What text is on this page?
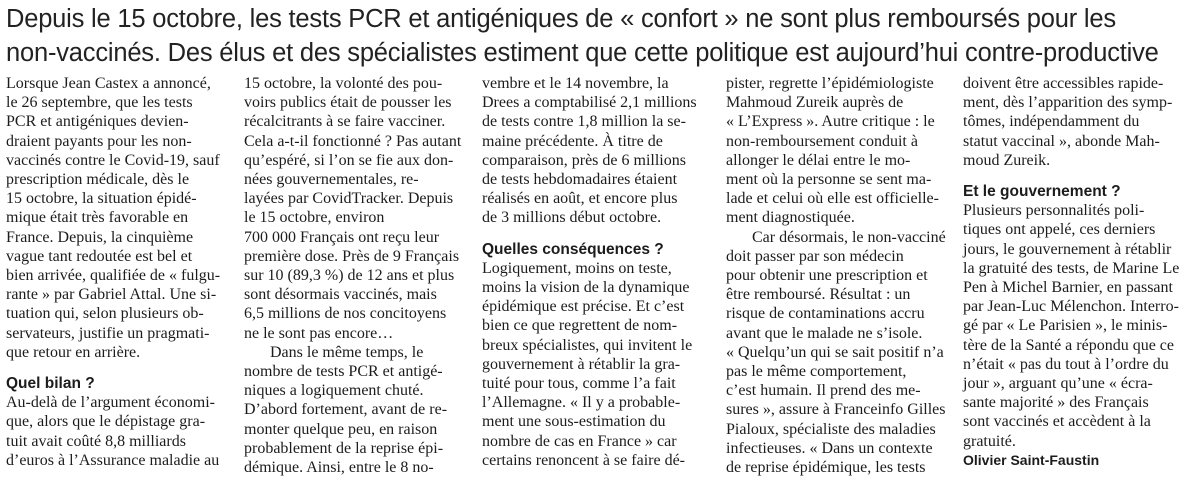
Depuis le 15 octobre, les tests PCR et antigéniques de « confort » ne sont plus remboursés pour les
non-vaccinés. Des élus et des spécialistes estiment que cette politique est aujourd’hui contre-productive

Lorsque Jean Castex a annoncé,
le 26 septembre, que les tests
PCR et antigéniques devien-
draient payants pour les non-
vaccinés contre le Covid-19, sauf
prescription médicale, dès le
15 octobre, la situation épidé-
mique était très favorable en
France. Depuis, la cinquième
vague tant redoutée est bel et
bien arrivée, qualifiée de « fulgu-
rante » par Gabriel Attal. Une si-
tuation qui, selon plusieurs ob-
servateurs, justifie un pragmati-
que retour en arrière.

Quel bilan ?

Au-delà de l’argument économi-
que, alors que le dépistage gra-
tuit avait coûté 8,8 milliards
d’euros à l’Assurance maladie au

15 octobre, la volonté des pou-
voirs publics était de pousser les
récalcitrants à se faire vacciner.
Cela a-t-il fonctionné ? Pas autant
qu’espéré, si l’on se fie aux don-
nées gouvernementales, re-
layées par CovidTracker. Depuis
le 15 octobre, environ
700 000 Français ont reçu leur
première dose. Près de 9 Français
sur 10 (89,3 %) de 12 ans et plus
sont désormais vaccinés, mais
6,5 millions de nos concitoyens
ne le sont pas encore…

Dans le même temps, le
nombre de tests PCR et antigé-
niques a logiquement chuté.
D’abord fortement, avant de re-
monter quelque peu, en raison
probablement de la reprise épi-
démique. Ainsi, entre le 8 no-

vembre et le 14 novembre, la
Drees a comptabilisé 2,1 millions
de tests contre 1,8 million la se-
maine précédente. À titre de
comparaison, près de 6 millions
de tests hebdomadaires étaient
réalisés en août, et encore plus
de 3 millions début octobre.

Quelles conséquences ?

Logiquement, moins on teste,
moins la vision de la dynamique
épidémique est précise. Et c’est
bien ce que regrettent de nom-
breux spécialistes, qui invitent le
gouvernement à rétablir la gra-
tuité pour tous, comme l’a fait
l’Allemagne. « Il y a probable-
ment une sous-estimation du
nombre de cas en France » car
certains renoncent à se faire dé-

pister, regrette l’épidémiologiste
Mahmoud Zureik auprès de
« L’Express ». Autre critique : le
non-remboursement conduit à
allonger le délai entre le mo-
ment où la personne se sent ma-
lade et celui où elle est officielle-
ment diagnostiquée.

Car désormais, le non-vacciné
doit passer par son médecin
pour obtenir une prescription et
être remboursé. Résultat : un
risque de contaminations accru
avant que le malade ne s’isole.
« Quelqu’un qui se sait positif n’a
pas le même comportement,
c’est humain. Il prend des me-
sures », assure à Franceinfo Gilles
Pialoux, spécialiste des maladies
infectieuses. « Dans un contexte
de reprise épidémique, les tests

doivent être accessibles rapide-
ment, dès l’apparition des symp-
tômes, indépendamment du
statut vaccinal », abonde Mah-
moud Zureik.

Et le gouvernement ?

Plusieurs personnalités poli-
tiques ont appelé, ces derniers
jours, le gouvernement à rétablir
la gratuité des tests, de Marine Le
Pen à Michel Barnier, en passant
par Jean-Luc Mélenchon. Interro-
gé par « Le Parisien », le minis-
tère de la Santé a répondu que ce
n’était « pas du tout à l’ordre du
jour », arguant qu’une « écra-
sante majorité » des Français
sont vaccinés et accèdent à la
gratuité.

Olivier Saint-Faustin
